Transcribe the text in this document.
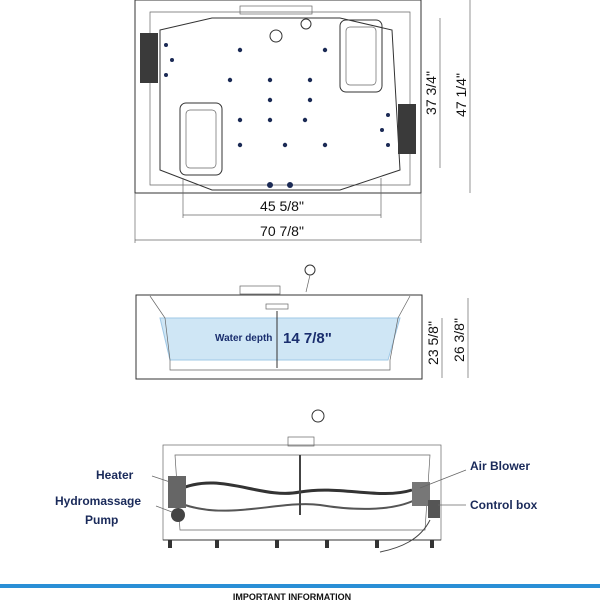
45 5/8"
70 7/8"
37 3/4" 47 1/4"
Water depth 14 7/8"	23 5/8" 26 3/8"
Heater
Hydromassage
Pump
Air Blower
Control box
IMPORTANT INFORMATION
